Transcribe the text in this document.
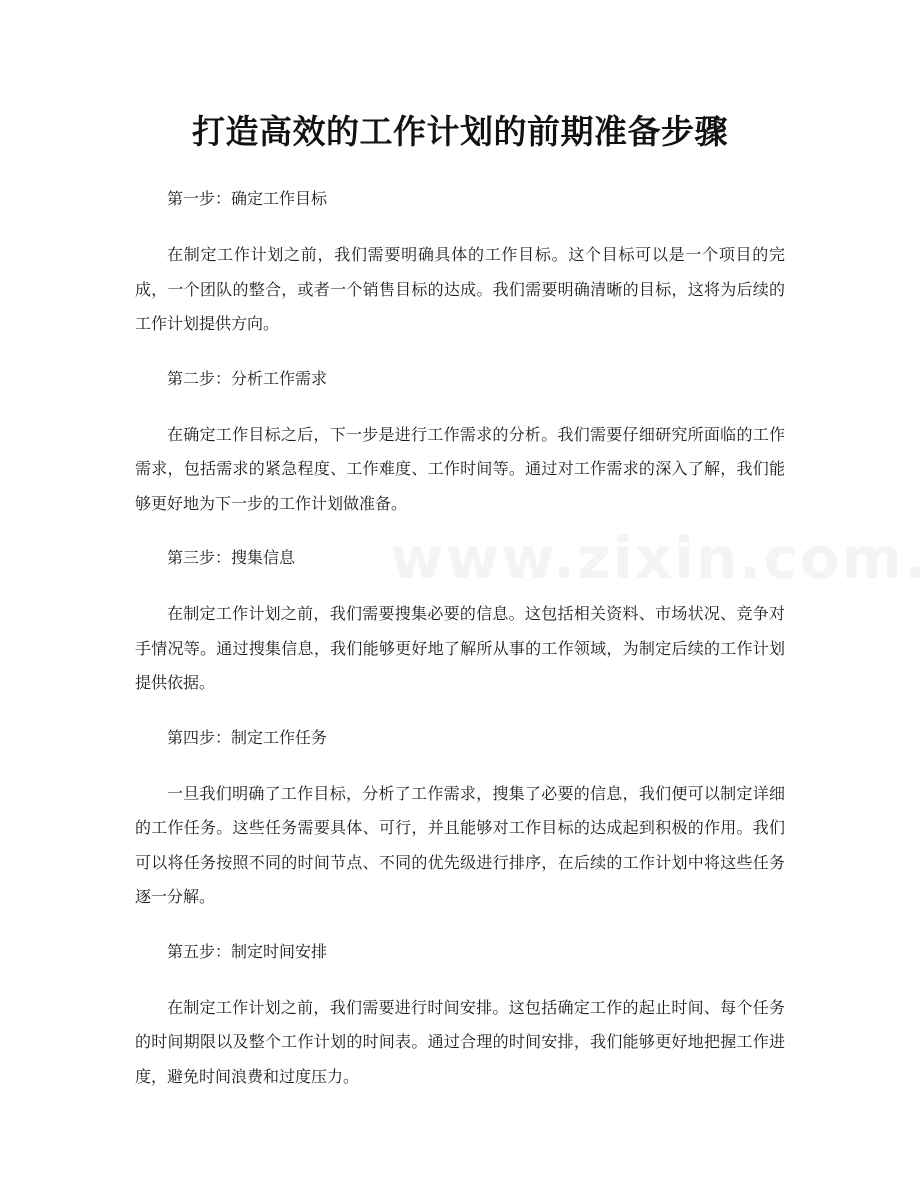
打造高效的工作计划的前期准备步骤

第一步：确定工作目标

在制定工作计划之前，我们需要明确具体的工作目标。这个目标可以是一个项目的完成，一个团队的整合，或者一个销售目标的达成。我们需要明确清晰的目标，这将为后续的工作计划提供方向。

第二步：分析工作需求

在确定工作目标之后，下一步是进行工作需求的分析。我们需要仔细研究所面临的工作需求，包括需求的紧急程度、工作难度、工作时间等。通过对工作需求的深入了解，我们能够更好地为下一步的工作计划做准备。

第三步：搜集信息

在制定工作计划之前，我们需要搜集必要的信息。这包括相关资料、市场状况、竞争对手情况等。通过搜集信息，我们能够更好地了解所从事的工作领域，为制定后续的工作计划提供依据。

第四步：制定工作任务

一旦我们明确了工作目标，分析了工作需求，搜集了必要的信息，我们便可以制定详细的工作任务。这些任务需要具体、可行，并且能够对工作目标的达成起到积极的作用。我们可以将任务按照不同的时间节点、不同的优先级进行排序，在后续的工作计划中将这些任务逐一分解。

第五步：制定时间安排

在制定工作计划之前，我们需要进行时间安排。这包括确定工作的起止时间、每个任务的时间期限以及整个工作计划的时间表。通过合理的时间安排，我们能够更好地把握工作进度，避免时间浪费和过度压力。
